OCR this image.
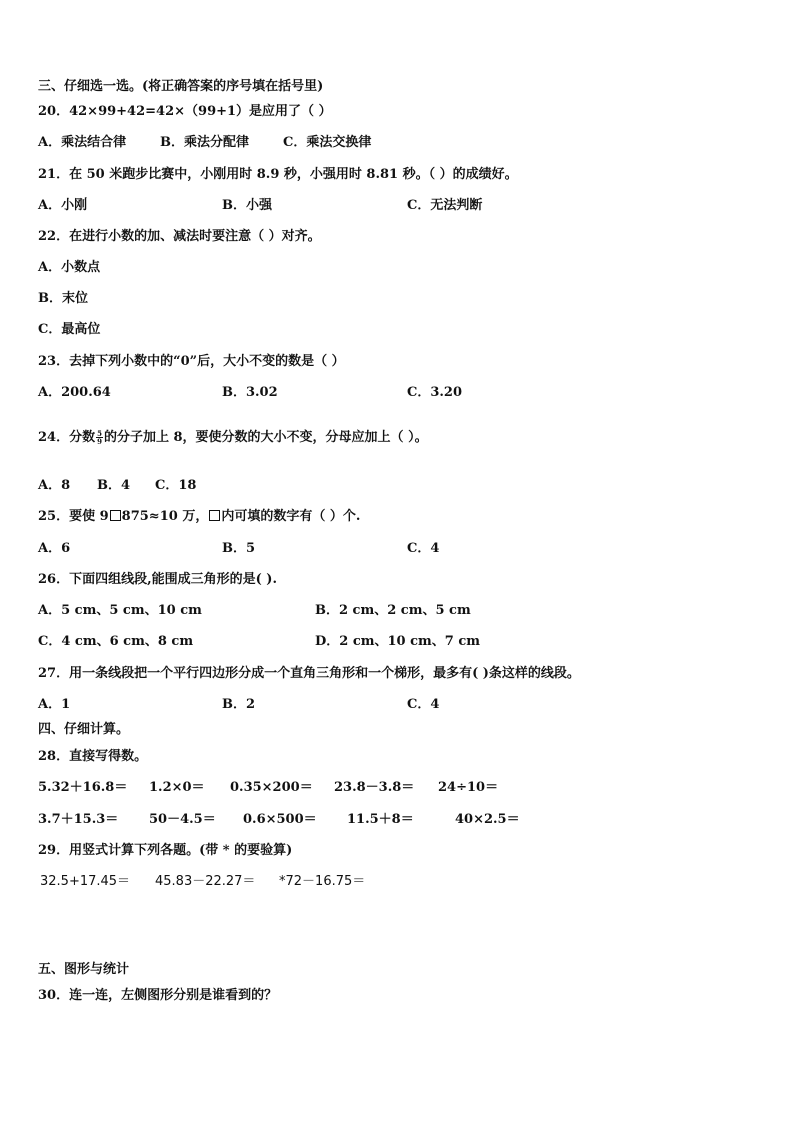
三、仔细选一选。(将正确答案的序号填在括号里)
20．42×99+42=42×（99+1）是应用了（ ）
A．乘法结合律	B．乘法分配律	C．乘法交换律
21．在 50 米跑步比赛中，小刚用时 8.9 秒，小强用时 8.81 秒。（ ）的成绩好。
A．小刚	B．小强	C．无法判断
22．在进行小数的加、减法时要注意（ ）对齐。
A．小数点
B．末位
C．最高位
23．去掉下列小数中的“0”后，大小不变的数是（ ）
A．200.64	B．3.02	C．3.20
24．分数 $\frac{5}{9}$ 的分子加上 8，要使分数的大小不变，分母应加上（ ）。
A．8 B．4 C．18
25．要使 9 875≈10 万， 内可填的数字有（ ）个.
A．6	B．5	C．4
26．下面四组线段,能围成三角形的是( ).
A．5 cm、5 cm、10 cm	B．2 cm、2 cm、5 cm
C．4 cm、6 cm、8 cm	D．2 cm、10 cm、7 cm
27．用一条线段把一个平行四边形分成一个直角三角形和一个梯形，最多有( )条这样的线段。
A．1	B．2	C．4
四、仔细计算。
28．直接写得数。
5.32＋16.8＝ 1.2×0＝ 0.35×200＝ 23.8－3.8＝ 24÷10＝
3.7＋15.3＝ 50－4.5＝ 0.6×500＝ 11.5＋8＝	40×2.5＝
29．用竖式计算下列各题。(带 * 的要验算)
32.5+17.45＝ 45.83－22.27＝ *72－16.75＝
五、图形与统计
30．连一连，左侧图形分别是谁看到的？
